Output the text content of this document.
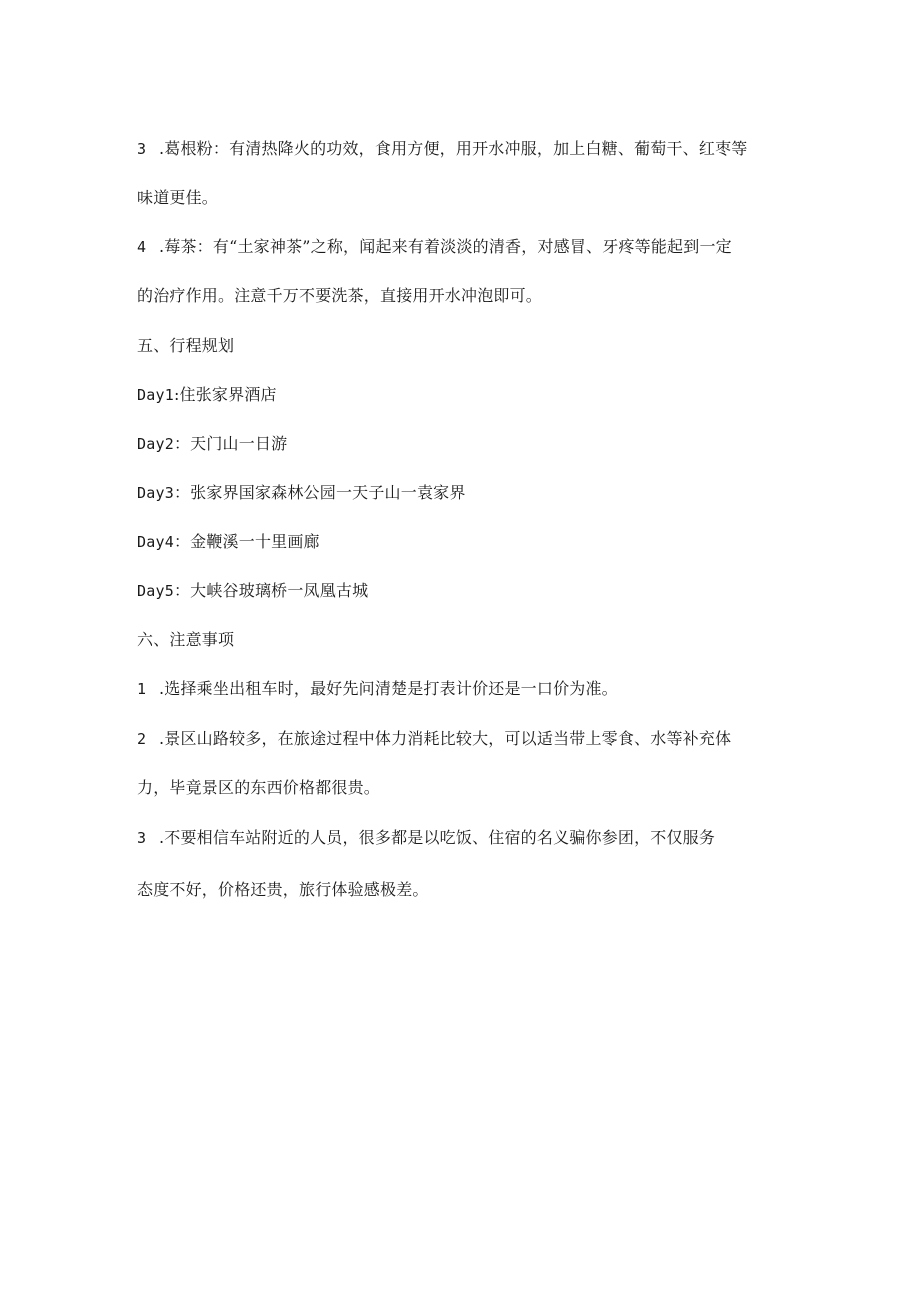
3 .葛根粉：有清热降火的功效，食用方便，用开水冲服，加上白糖、葡萄干、红枣等
味道更佳。
4 .莓茶：有“土家神茶”之称，闻起来有着淡淡的清香，对感冒、牙疼等能起到一定
的治疗作用。注意千万不要洗茶，直接用开水冲泡即可。
五、行程规划
Day1:住张家界酒店
Day2：天门山一日游
Day3：张家界国家森林公园一天子山一袁家界
Day4：金鞭溪一十里画廊
Day5：大峡谷玻璃桥一凤凰古城
六、注意事项
1 .选择乘坐出租车时，最好先问清楚是打表计价还是一口价为准。
2 .景区山路较多，在旅途过程中体力消耗比较大，可以适当带上零食、水等补充体
力，毕竟景区的东西价格都很贵。
3 .不要相信车站附近的人员，很多都是以吃饭、住宿的名义骗你参团，不仅服务
态度不好，价格还贵，旅行体验感极差。
